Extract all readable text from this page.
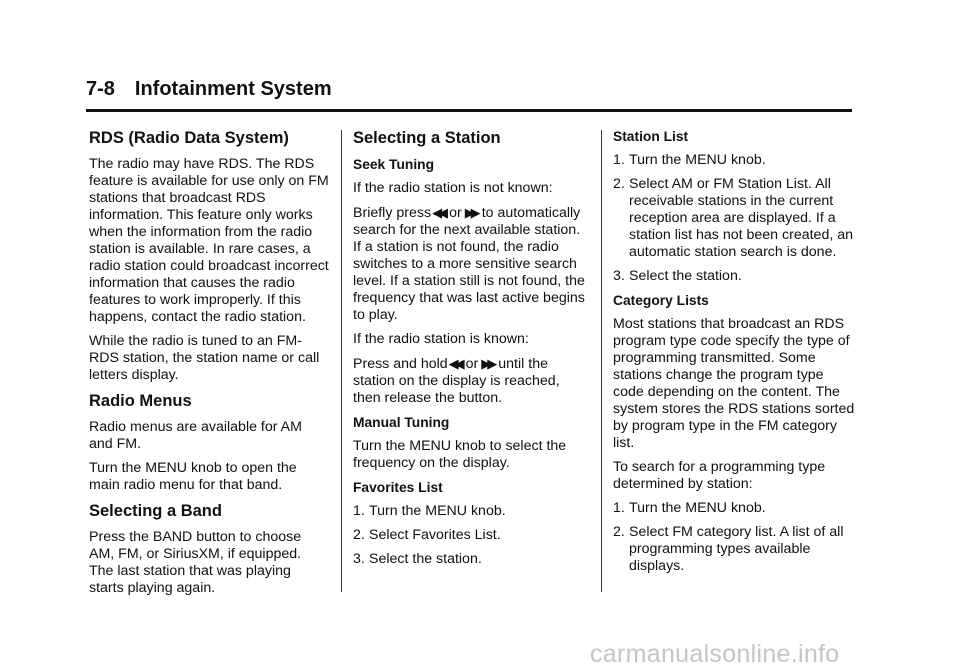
7-8 Infotainment System
RDS (Radio Data System)

The radio may have RDS. The RDS feature is available for use only on FM stations that broadcast RDS information. This feature only works when the information from the radio station is available. In rare cases, a radio station could broadcast incorrect information that causes the radio features to work improperly. If this happens, contact the radio station.

While the radio is tuned to an FM-RDS station, the station name or call letters display.

Radio Menus

Radio menus are available for AM and FM.

Turn the MENU knob to open the main radio menu for that band.

Selecting a Band

Press the BAND button to choose AM, FM, or SiriusXM, if equipped. The last station that was playing starts playing again.

Selecting a Station
Seek Tuning

If the radio station is not known:

Briefly press◀◀ or ▶▶ to automatically search for the next available station. If a station is not found, the radio switches to a more sensitive search level. If a station still is not found, the frequency that was last active begins to play.

If the radio station is known:

Press and hold◀◀ or ▶▶ until the station on the display is reached, then release the button.

Manual Tuning

Turn the MENU knob to select the frequency on the display.

Favorites List
1. Turn the MENU knob.
2. Select Favorites List.
3. Select the station.
Station List
1. Turn the MENU knob.
2. Select AM or FM Station List. All receivable stations in the current reception area are displayed. If a station list has not been created, an automatic station search is done.
3. Select the station.
Category Lists

Most stations that broadcast an RDS program type code specify the type of programming transmitted. Some stations change the program type code depending on the content. The system stores the RDS stations sorted by program type in the FM category list.

To search for a programming type determined by station:

1. Turn the MENU knob.
2. Select FM category list. A list of all programming types available displays.
carmanualsonline.info
